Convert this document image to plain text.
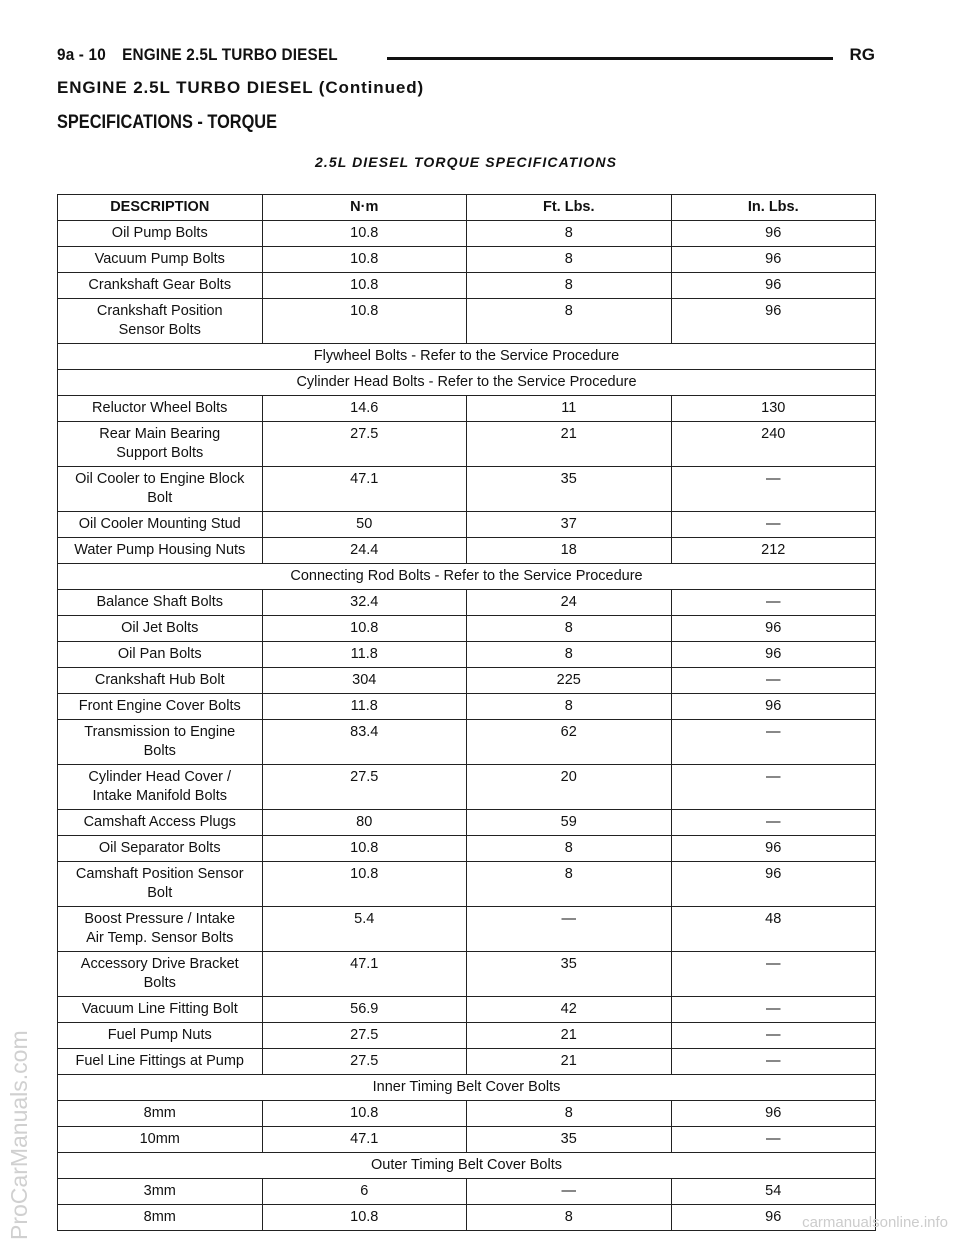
9a - 10 ENGINE 2.5L TURBO DIESEL	RG
ENGINE 2.5L TURBO DIESEL (Continued)
SPECIFICATIONS - TORQUE
2.5L DIESEL TORQUE SPECIFICATIONS
DESCRIPTION	N·m	Ft. Lbs.	In. Lbs.
Oil Pump Bolts	10.8	8	96
Vacuum Pump Bolts	10.8	8	96
Crankshaft Gear Bolts	10.8	8	96
Crankshaft Position
Sensor Bolts	10.8	8	96
Flywheel Bolts - Refer to the Service Procedure			
Cylinder Head Bolts - Refer to the Service Procedure			
Reluctor Wheel Bolts	14.6	11	130
Rear Main Bearing
Support Bolts	27.5	21	240
Oil Cooler to Engine Block
Bolt	47.1	35	—
Oil Cooler Mounting Stud	50	37	—
Water Pump Housing Nuts	24.4	18	212
Connecting Rod Bolts - Refer to the Service Procedure			
Balance Shaft Bolts	32.4	24	—
Oil Jet Bolts	10.8	8	96
Oil Pan Bolts	11.8	8	96
Crankshaft Hub Bolt	304	225	—
Front Engine Cover Bolts	11.8	8	96
Transmission to Engine
Bolts	83.4	62	—
Cylinder Head Cover /
Intake Manifold Bolts	27.5	20	—
Camshaft Access Plugs	80	59	—
Oil Separator Bolts	10.8	8	96
Camshaft Position Sensor
Bolt	10.8	8	96
Boost Pressure / Intake
Air Temp. Sensor Bolts	5.4	—	48
Accessory Drive Bracket
Bolts	47.1	35	—
Vacuum Line Fitting Bolt	56.9	42	—
Fuel Pump Nuts	27.5	21	—
Fuel Line Fittings at Pump	27.5	21	—
Inner Timing Belt Cover Bolts			
8mm	10.8	8	96
10mm	47.1	35	—
Outer Timing Belt Cover Bolts			
3mm	6	—	54
8mm	10.8	8	96
ProCarManuals.com	carmanualsonline.info
